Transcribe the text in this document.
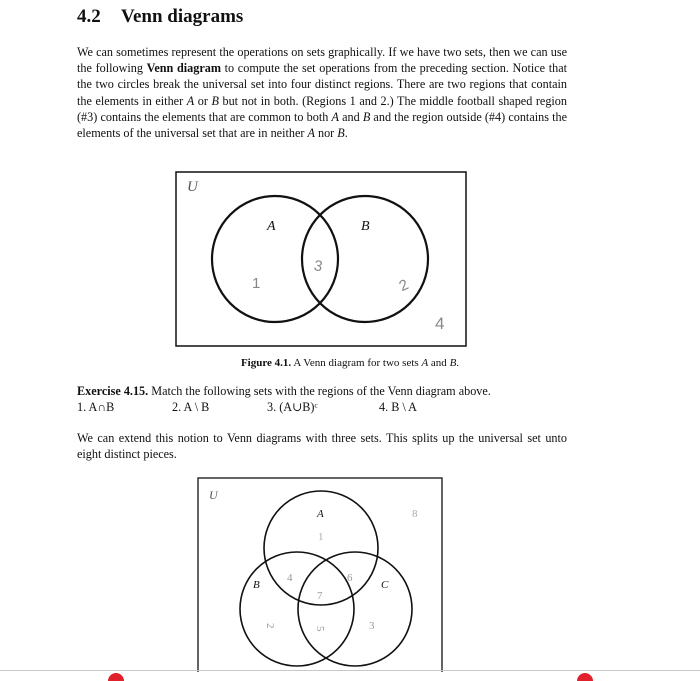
4.2 Venn diagrams
We can sometimes represent the operations on sets graphically. If we have two sets, then we can use the following Venn diagram to compute the set operations from the preceding section. Notice that the two circles break the universal set into four distinct regions. There are two regions that contain the elements in either A or B but not in both. (Regions 1 and 2.) The middle football shaped region (#3) contains the elements that are common to both A and B and the region outside (#4) contains the elements of the universal set that are in neither A nor B.
U
A	B
1	2
3
4
Figure 4.1. A Venn diagram for two sets A and B.
Exercise 4.15. Match the following sets with the regions of the Venn diagram above.
1. A∩B	2. A \ B	3. (A∪B)ᶜ	4. B \ A
We can extend this notion to Venn diagrams with three sets. This splits up the universal set unto eight distinct pieces.
U
A
B	C
1
2	3
4
5
6
7
8
